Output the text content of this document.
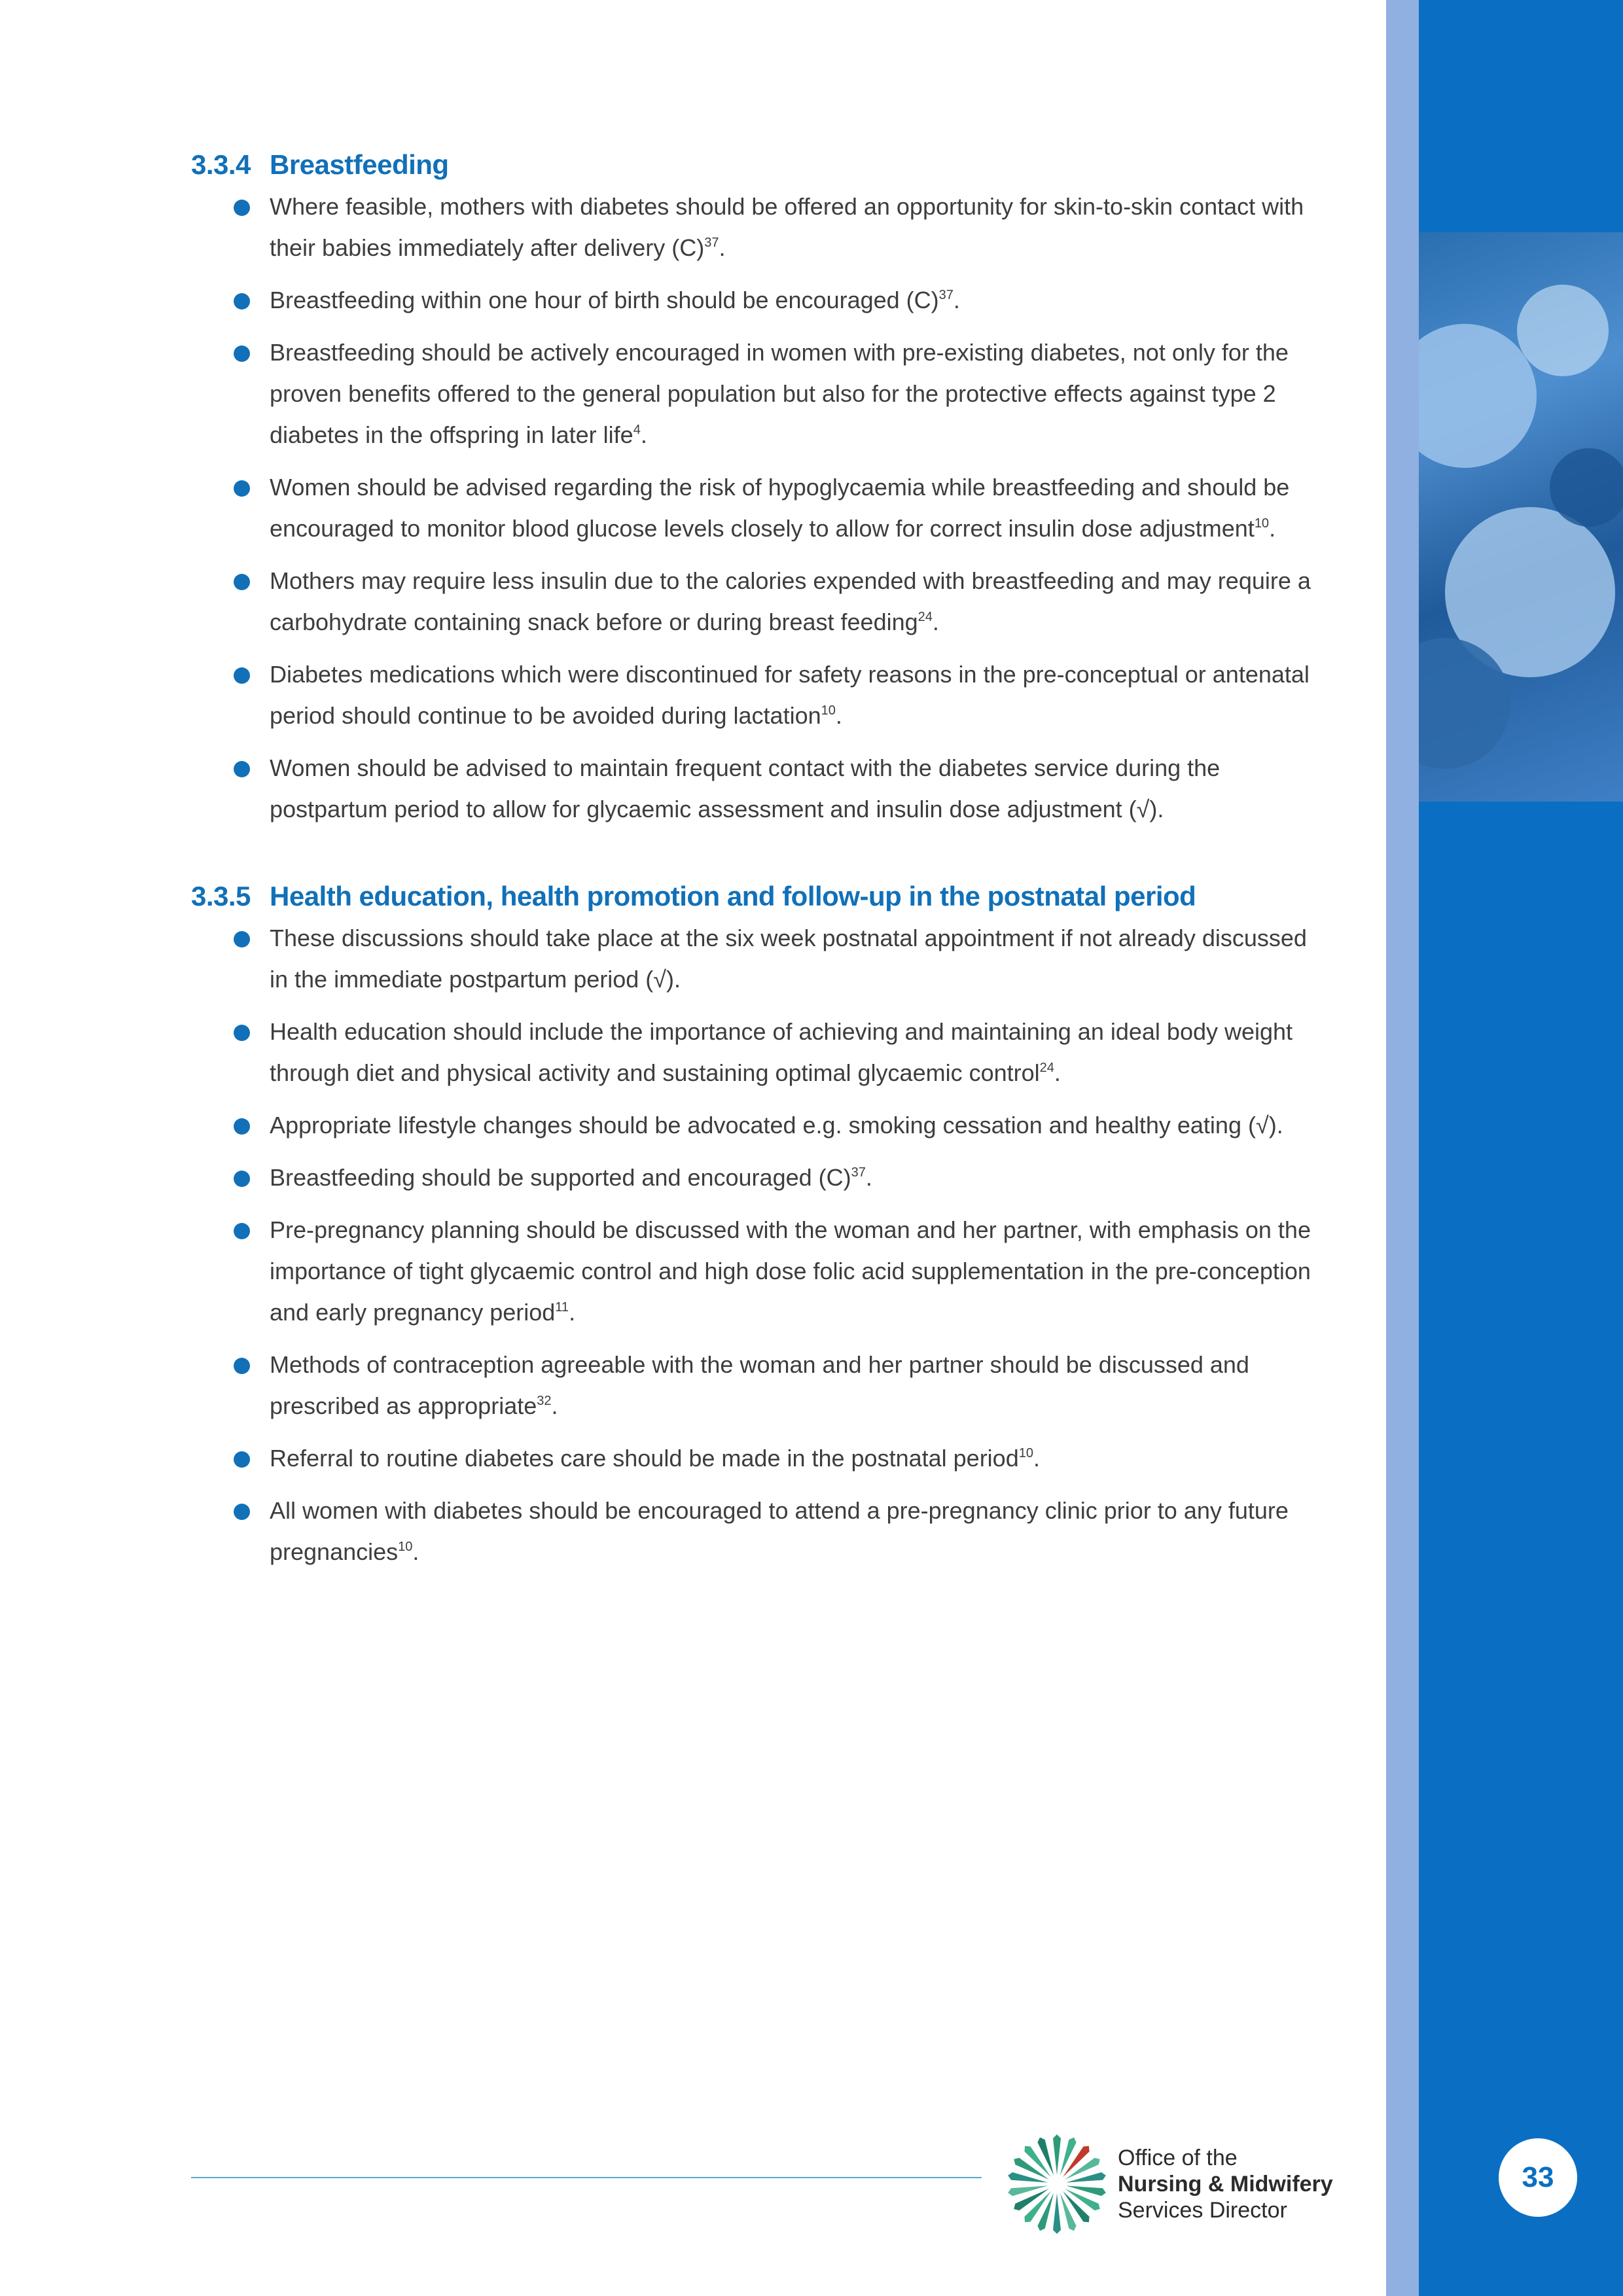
3.3.4 Breastfeeding
Where feasible, mothers with diabetes should be offered an opportunity for skin-to-skin contact with their babies immediately after delivery $(C)^{37}$.
Breastfeeding within one hour of birth should be encouraged $(C)^{37}$.
Breastfeeding should be actively encouraged in women with pre-existing diabetes, not only for the proven benefits offered to the general population but also for the protective effects against type 2 diabetes in the offspring in later life$^4$.
Women should be advised regarding the risk of hypoglycaemia while breastfeeding and should be encouraged to monitor blood glucose levels closely to allow for correct insulin dose adjustment$^{10}$.
Mothers may require less insulin due to the calories expended with breastfeeding and may require a carbohydrate containing snack before or during breast feeding$^{24}$.
Diabetes medications which were discontinued for safety reasons in the pre-conceptual or antenatal period should continue to be avoided during lactation$^{10}$.
Women should be advised to maintain frequent contact with the diabetes service during the postpartum period to allow for glycaemic assessment and insulin dose adjustment (√).
3.3.5 Health education, health promotion and follow-up in the postnatal period
These discussions should take place at the six week postnatal appointment if not already discussed in the immediate postpartum period (√).
Health education should include the importance of achieving and maintaining an ideal body weight through diet and physical activity and sustaining optimal glycaemic control$^{24}$.
Appropriate lifestyle changes should be advocated e.g. smoking cessation and healthy eating (√).
Breastfeeding should be supported and encouraged $(C)^{37}$.
Pre-pregnancy planning should be discussed with the woman and her partner, with emphasis on the importance of tight glycaemic control and high dose folic acid supplementation in the pre-conception and early pregnancy period$^{11}$.
Methods of contraception agreeable with the woman and her partner should be discussed and prescribed as appropriate$^{32}$.
Referral to routine diabetes care should be made in the postnatal period$^{10}$.
All women with diabetes should be encouraged to attend a pre-pregnancy clinic prior to any future pregnancies$^{10}$.
Office of the
Nursing & Midwifery
Services Director
33
